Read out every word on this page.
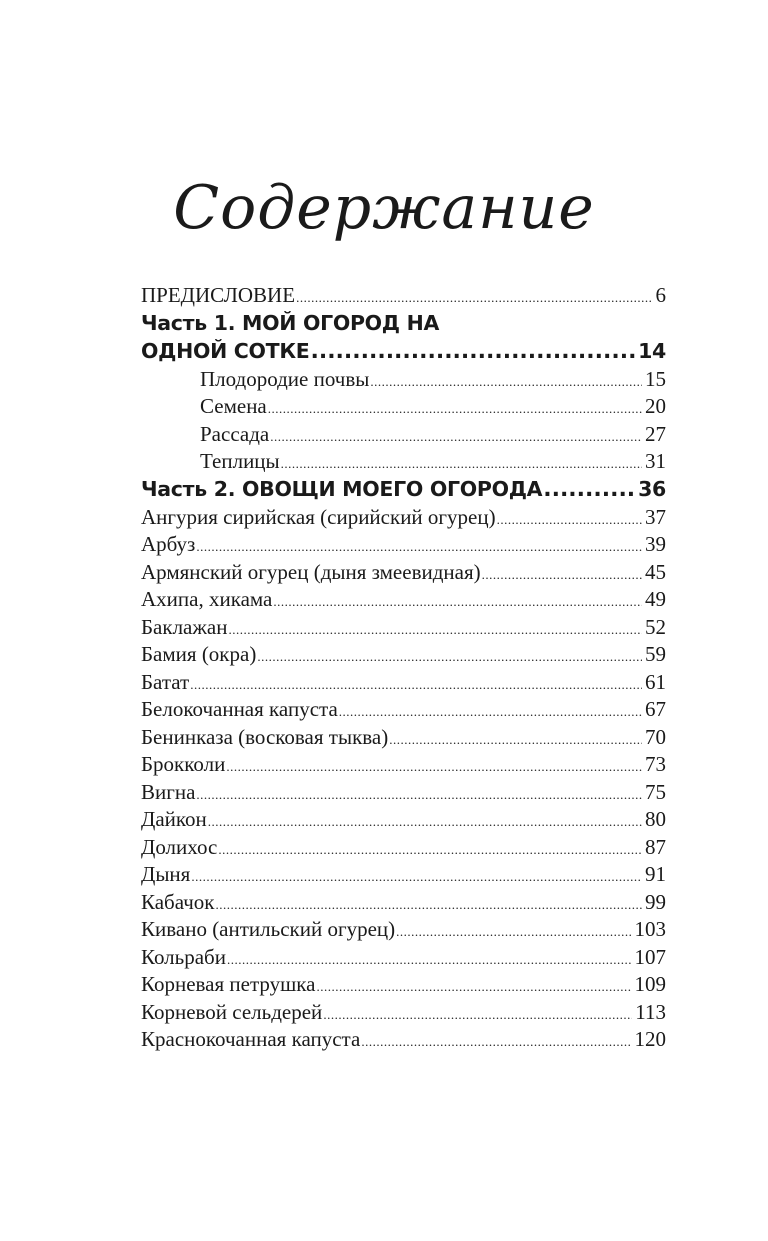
Содержание
ПРЕДИСЛОВИЕ .....	6
Часть 1. МОЙ ОГОРОД НА
ОДНОЙ СОТКЕ .....	14
Плодородие почвы .....	15
Семена .....	20
Рассада .....	27
Теплицы .....	31
Часть 2. ОВОЩИ МОЕГО ОГОРОДА .....	36
Ангурия сирийская (сирийский огурец) .....	37
Арбуз .....	39
Армянский огурец (дыня змеевидная) .....	45
Ахипа, хикама .....	49
Баклажан .....	52
Бамия (окра) .....	59
Батат .....	61
Белокочанная капуста .....	67
Бенинказа (восковая тыква) .....	70
Брокколи .....	73
Вигна .....	75
Дайкон .....	80
Долихос .....	87
Дыня .....	91
Кабачок .....	99
Кивано (антильский огурец) .....	103
Кольраби .....	107
Корневая петрушка .....	109
Корневой сельдерей .....	113
Краснокочанная капуста .....	120
